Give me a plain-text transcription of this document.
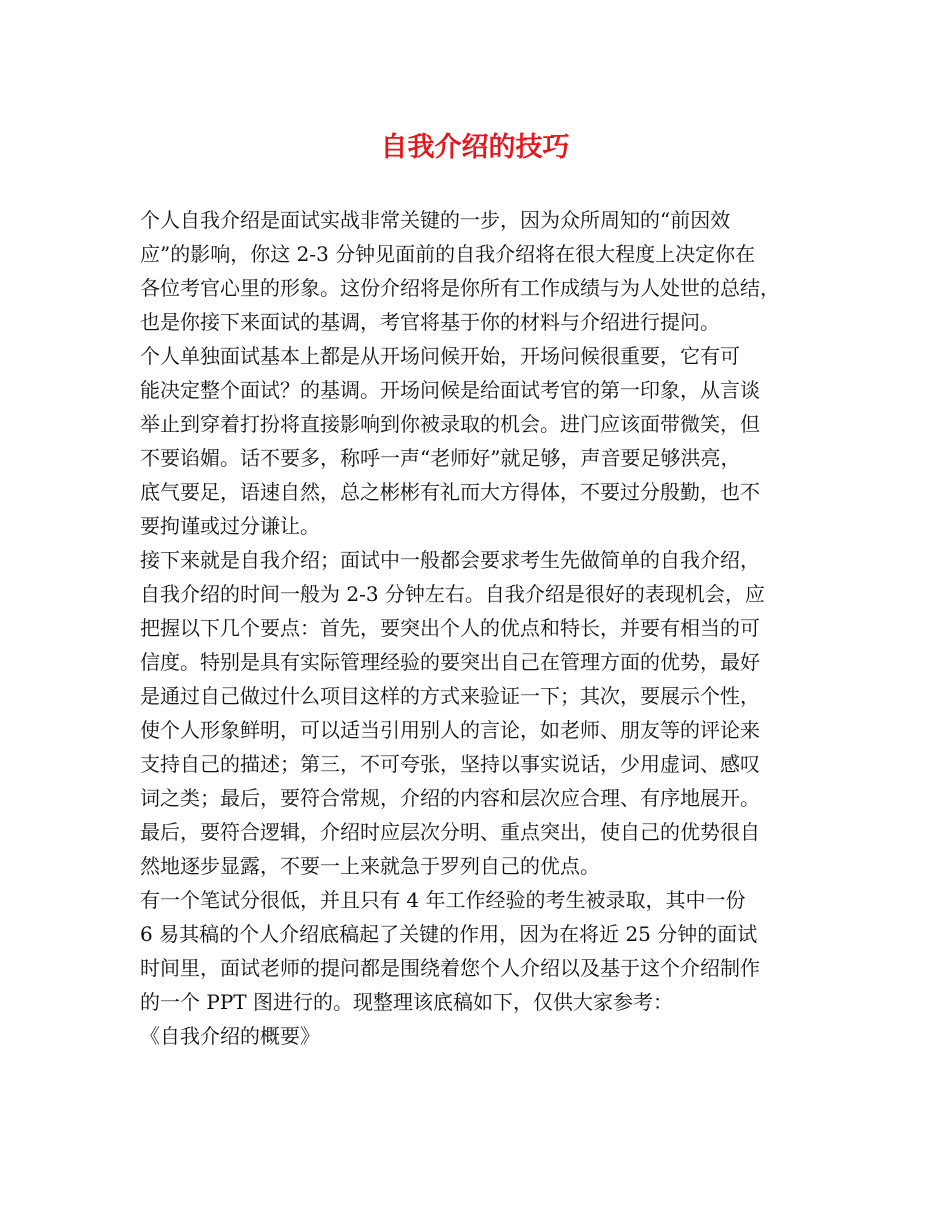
自我介绍的技巧
个人自我介绍是面试实战非常关键的一步，因为众所周知的“前因效
应”的影响，你这 2-3 分钟见面前的自我介绍将在很大程度上决定你在
各位考官心里的形象。这份介绍将是你所有工作成绩与为人处世的总结，
也是你接下来面试的基调，考官将基于你的材料与介绍进行提问。
个人单独面试基本上都是从开场问候开始，开场问候很重要，它有可
能决定整个面试？的基调。开场问候是给面试考官的第一印象，从言谈
举止到穿着打扮将直接影响到你被录取的机会。进门应该面带微笑，但
不要谄媚。话不要多，称呼一声“老师好”就足够，声音要足够洪亮，
底气要足，语速自然，总之彬彬有礼而大方得体，不要过分殷勤，也不
要拘谨或过分谦让。
接下来就是自我介绍；面试中一般都会要求考生先做简单的自我介绍，
自我介绍的时间一般为 2-3 分钟左右。自我介绍是很好的表现机会，应
把握以下几个要点：首先，要突出个人的优点和特长，并要有相当的可
信度。特别是具有实际管理经验的要突出自己在管理方面的优势，最好
是通过自己做过什么项目这样的方式来验证一下；其次，要展示个性，
使个人形象鲜明，可以适当引用别人的言论，如老师、朋友等的评论来
支持自己的描述；第三，不可夸张，坚持以事实说话，少用虚词、感叹
词之类；最后，要符合常规，介绍的内容和层次应合理、有序地展开。
最后，要符合逻辑，介绍时应层次分明、重点突出，使自己的优势很自
然地逐步显露，不要一上来就急于罗列自己的优点。
有一个笔试分很低，并且只有 4 年工作经验的考生被录取，其中一份
6 易其稿的个人介绍底稿起了关键的作用，因为在将近 25 分钟的面试
时间里，面试老师的提问都是围绕着您个人介绍以及基于这个介绍制作
的一个 PPT 图进行的。现整理该底稿如下，仅供大家参考：
《自我介绍的概要》
